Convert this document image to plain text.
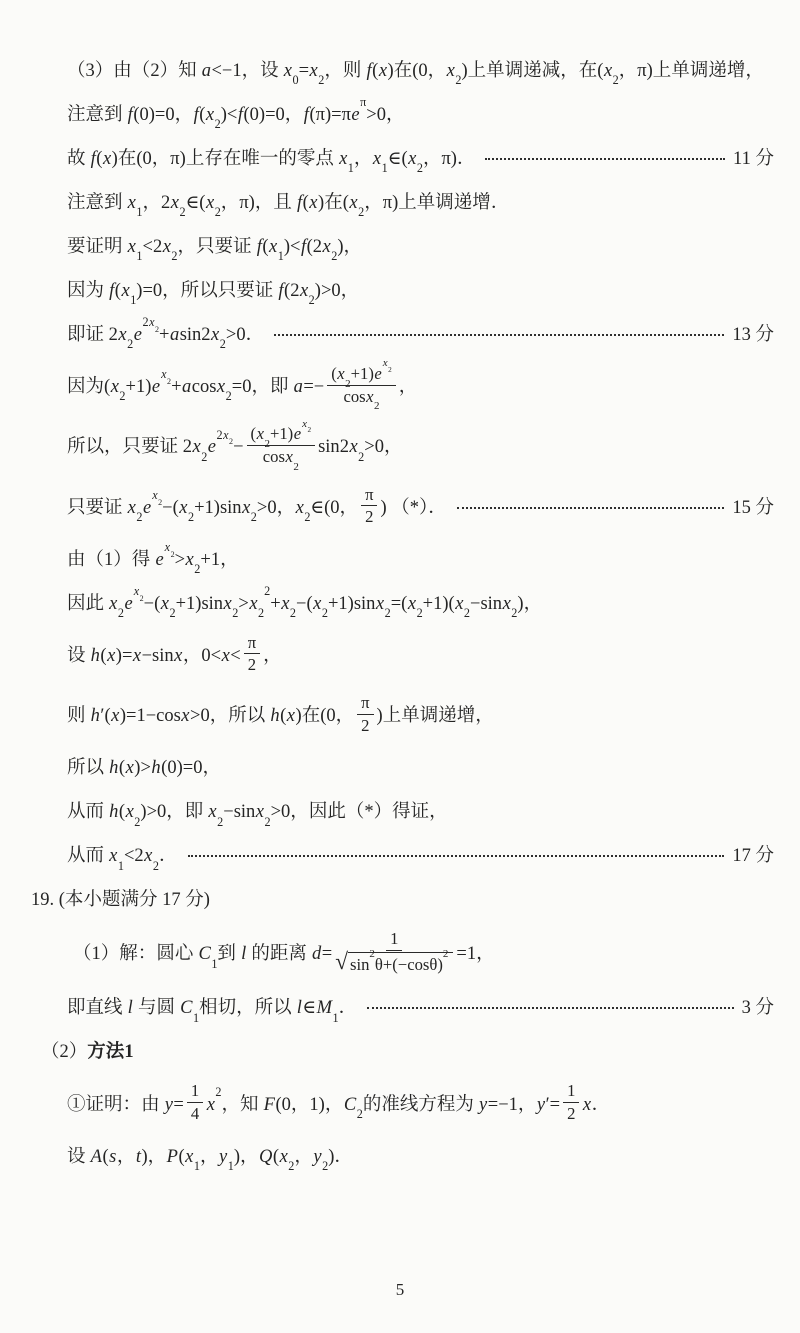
（3）由（2）知 a<−1，设 $x_0=x_2$，则 f(x)在(0，$x_2$)上单调递减，在($x_2$，π)上单调递增，
注意到 f(0)=0，$f(x_2)<f(0)=0$，$f(\pi)=\pi e^\pi>0$，
故 f(x)在(0，π)上存在唯一的零点 $x_1$，$x_1\in(x_2$，π)．	11 分
注意到 $x_1$，$2x_2\in(x_2$，π)，且 f(x)在($x_2$，π)上单调递增．
要证明 $x_1<2x_2$，只要证 $f(x_1)<f(2x_2)$，
因为 $f(x_1)=0$，所以只要证 $f(2x_2)>0$，
即证 $2x_2e^{2x_2}+asin2x_2>0$．	13 分
因为$(x_2+1)e^{x_2}+acosx_2=0$，即 $a=- \frac{(x_2+1)e^{x_2}}{\cos x_2}$ ，
所以，只要证 $2x_2e^{2x_2}- \frac{(x_2+1)e^{x_2}}{\cos x_2} \sin 2x_2>0$，
只要证 $x_2e^{x_2}-(x_2+1)\sin x_2>0$，$x_2\in(0$， $\frac{\pi}{2}$ ) （*）．	15 分
由（1）得 $e^{x_2}>x_2+1$，
因此 $x_2e^{x_2}-(x_2+1)\sin x_2>x_2^2+x_2-(x_2+1)\sin x_2=(x_2+1)(x_2-\sin x_2)$，
设 h(x)=x−sinx，$0<x< \frac{\pi}{2}$ ，
则 h′(x)=1−cosx>0，所以 h(x)在(0， $\frac{\pi}{2}$ )上单调递增，
所以 h(x)>h(0)=0，
从而 $h(x_2)>0$，即 $x_2-\sin x_2>0$，因此（*）得证，
从而 $x_1<2x_2$．	17 分
19. (本小题满分 17 分)
（1）解：圆心 $C_1$到 l 的距离 $d= \frac{1}{√ \sin^2\theta+(-\cos\theta)^2} =1$，
即直线 l 与圆 $C_1$相切，所以 $l\in M_1$．	3 分
（2） 方法1
①证明：由 $y= \frac{1}{4} x^2$，知 F(0，1)，$C_2$的准线方程为 y=−1，$y'= \frac{1}{2}$ x．
设 A(s，t)，$P(x_1$，$y_1$)，$Q(x_2$，$y_2$)．
5
